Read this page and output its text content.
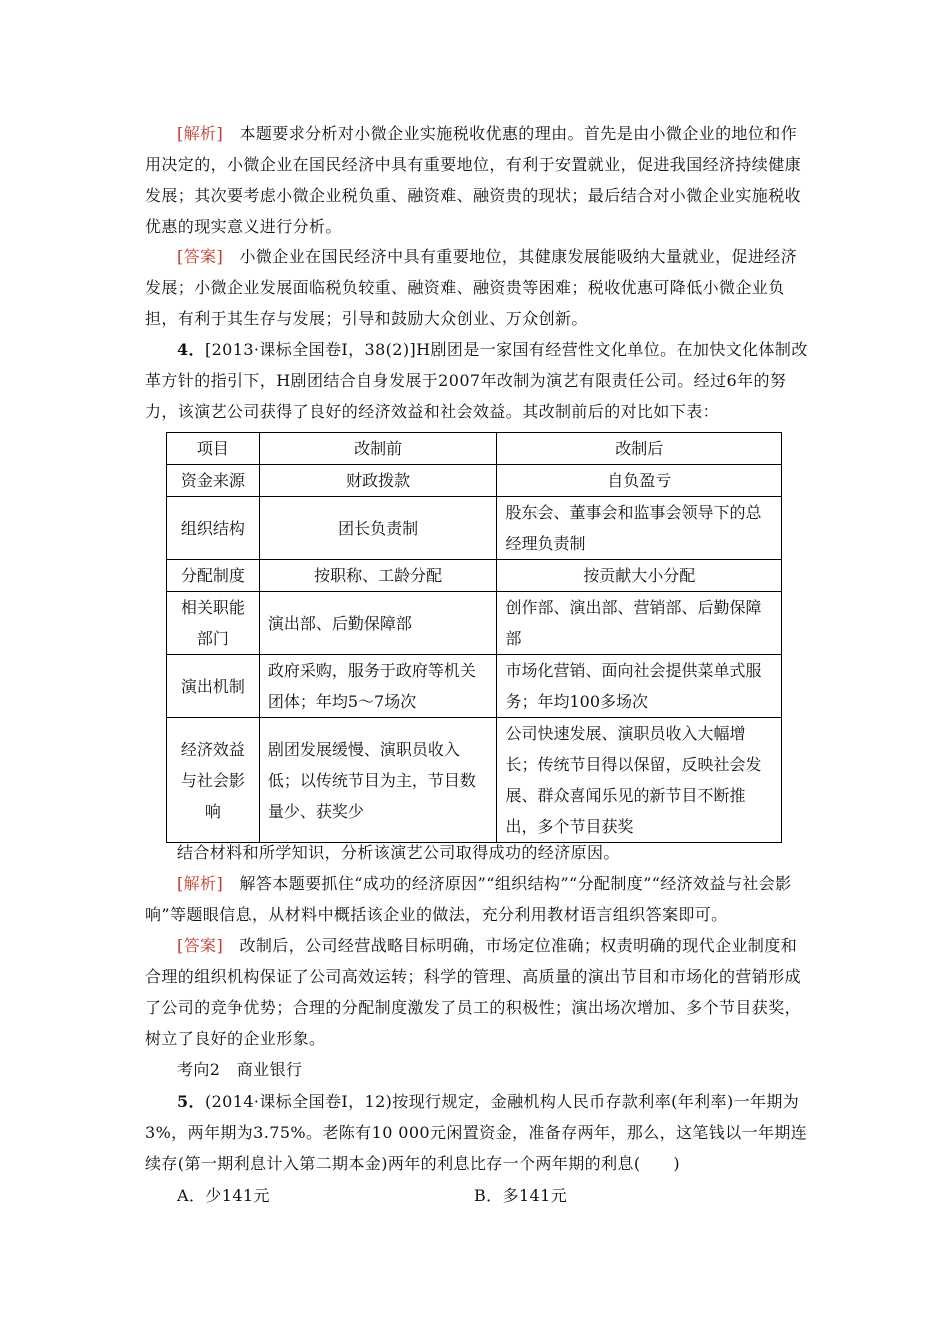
[解析]　 本题要求分析对小微企业实施税收优惠的理由。首先是由小微企业的地位和作用决定的，小微企业在国民经济中具有重要地位，有利于安置就业，促进我国经济持续健康发展；其次要考虑小微企业税负重、融资难、融资贵的现状；最后结合对小微企业实施税收优惠的现实意义进行分析。

[答案]　 小微企业在国民经济中具有重要地位，其健康发展能吸纳大量就业，促进经济发展；小微企业发展面临税负较重、融资难、融资贵等困难；税收优惠可降低小微企业负担，有利于其生存与发展；引导和鼓励大众创业、万众创新。

4．[2013·课标全国卷Ⅰ，38(2)]H剧团是一家国有经营性文化单位。在加快文化体制改革方针的指引下，H剧团结合自身发展于2007年改制为演艺有限责任公司。经过6年的努力，该演艺公司获得了良好的经济效益和社会效益。其改制前后的对比如下表：

项目	改制前	改制后
资金来源	财政拨款	自负盈亏
组织结构	团长负责制	股东会、董事会和监事会领导下的总经理负责制
分配制度	按职称、工龄分配	按贡献大小分配
相关职能部门	演出部、后勤保障部	创作部、演出部、营销部、后勤保障部
演出机制	政府采购，服务于政府等机关团体；年均5～7场次	市场化营销、面向社会提供菜单式服务；年均100多场次
经济效益与社会影响	剧团发展缓慢、演职员收入低；以传统节目为主，节目数量少、获奖少	公司快速发展、演职员收入大幅增长；传统节目得以保留，反映社会发展、群众喜闻乐见的新节目不断推出，多个节目获奖

结合材料和所学知识，分析该演艺公司取得成功的经济原因。

[解析]　 解答本题要抓住“成功的经济原因”“组织结构”“分配制度”“经济效益与社会影响”等题眼信息，从材料中概括该企业的做法，充分利用教材语言组织答案即可。

[答案]　 改制后，公司经营战略目标明确，市场定位准确；权责明确的现代企业制度和合理的组织机构保证了公司高效运转；科学的管理、高质量的演出节目和市场化的营销形成了公司的竞争优势；合理的分配制度激发了员工的积极性；演出场次增加、多个节目获奖，树立了良好的企业形象。

考向2　商业银行

5．(2014·课标全国卷Ⅰ，12)按现行规定，金融机构人民币存款利率(年利率)一年期为3%，两年期为3.75%。老陈有10 000元闲置资金，准备存两年，那么，这笔钱以一年期连续存(第一期利息计入第二期本金)两年的利息比存一个两年期的利息(　　)

A．少141元	B．多141元
